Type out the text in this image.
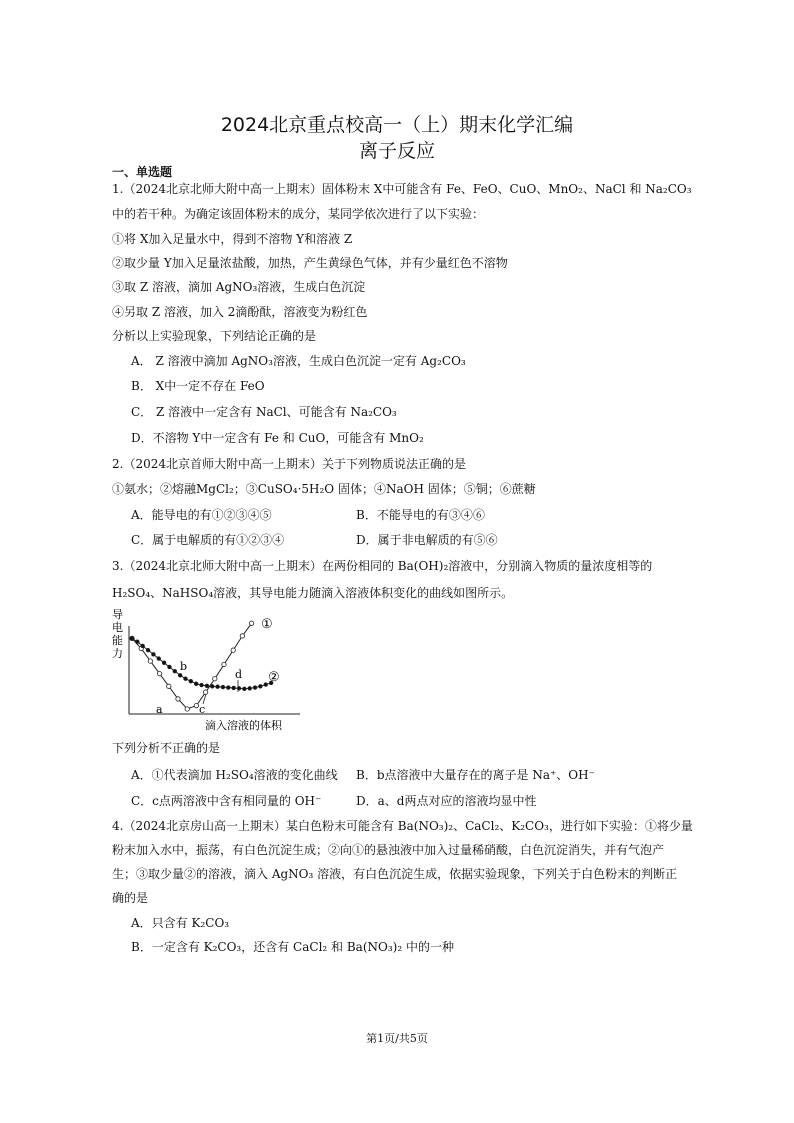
2024北京重点校高一（上）期末化学汇编
离子反应
一、单选题
1.（2024北京北师大附中高一上期末）固体粉末 X中可能含有 Fe、FeO、CuO、MnO₂、NaCl 和 Na₂CO₃
中的若干种。为确定该固体粉末的成分，某同学依次进行了以下实验：
①将 X加入足量水中，得到不溶物 Y和溶液 Z
②取少量 Y加入足量浓盐酸，加热，产生黄绿色气体，并有少量红色不溶物
③取 Z 溶液，滴加 AgNO₃溶液，生成白色沉淀
④另取 Z 溶液，加入 2滴酚酞，溶液变为粉红色
分析以上实验现象，下列结论正确的是
A． Z 溶液中滴加 AgNO₃溶液，生成白色沉淀一定有 Ag₂CO₃
B． X中一定不存在 FeO
C． Z 溶液中一定含有 NaCl、可能含有 Na₂CO₃
D．不溶物 Y中一定含有 Fe 和 CuO，可能含有 MnO₂
2.（2024北京首师大附中高一上期末）关于下列物质说法正确的是
①氨水；②熔融MgCl₂；③CuSO₄·5H₂O 固体；④NaOH 固体；⑤铜；⑥蔗糖
A．能导电的有①②③④⑤	B．不能导电的有③④⑥
C．属于电解质的有①②③④	D．属于非电解质的有⑤⑥
3.（2024北京北师大附中高一上期末）在两份相同的 Ba(OH)₂溶液中，分别滴入物质的量浓度相等的
H₂SO₄、NaHSO₄溶液，其导电能力随滴入溶液体积变化的曲线如图所示。
导
电
能
力
①
②
a
b
c
d
滴入溶液的体积
下列分析不正确的是
A．①代表滴加 H₂SO₄溶液的变化曲线 B．b点溶液中大量存在的离子是 Na⁺、OH⁻
C．c点两溶液中含有相同量的 OH⁻	D．a、d两点对应的溶液均显中性
4.（2024北京房山高一上期末）某白色粉末可能含有 Ba(NO₃)₂、CaCl₂、K₂CO₃，进行如下实验：①将少量
粉末加入水中，振荡，有白色沉淀生成；②向①的悬浊液中加入过量稀硝酸，白色沉淀消失，并有气泡产
生；③取少量②的溶液，滴入 AgNO₃ 溶液，有白色沉淀生成，依据实验现象，下列关于白色粉末的判断正
确的是
A．只含有 K₂CO₃
B．一定含有 K₂CO₃，还含有 CaCl₂ 和 Ba(NO₃)₂ 中的一种
第1页/共5页
